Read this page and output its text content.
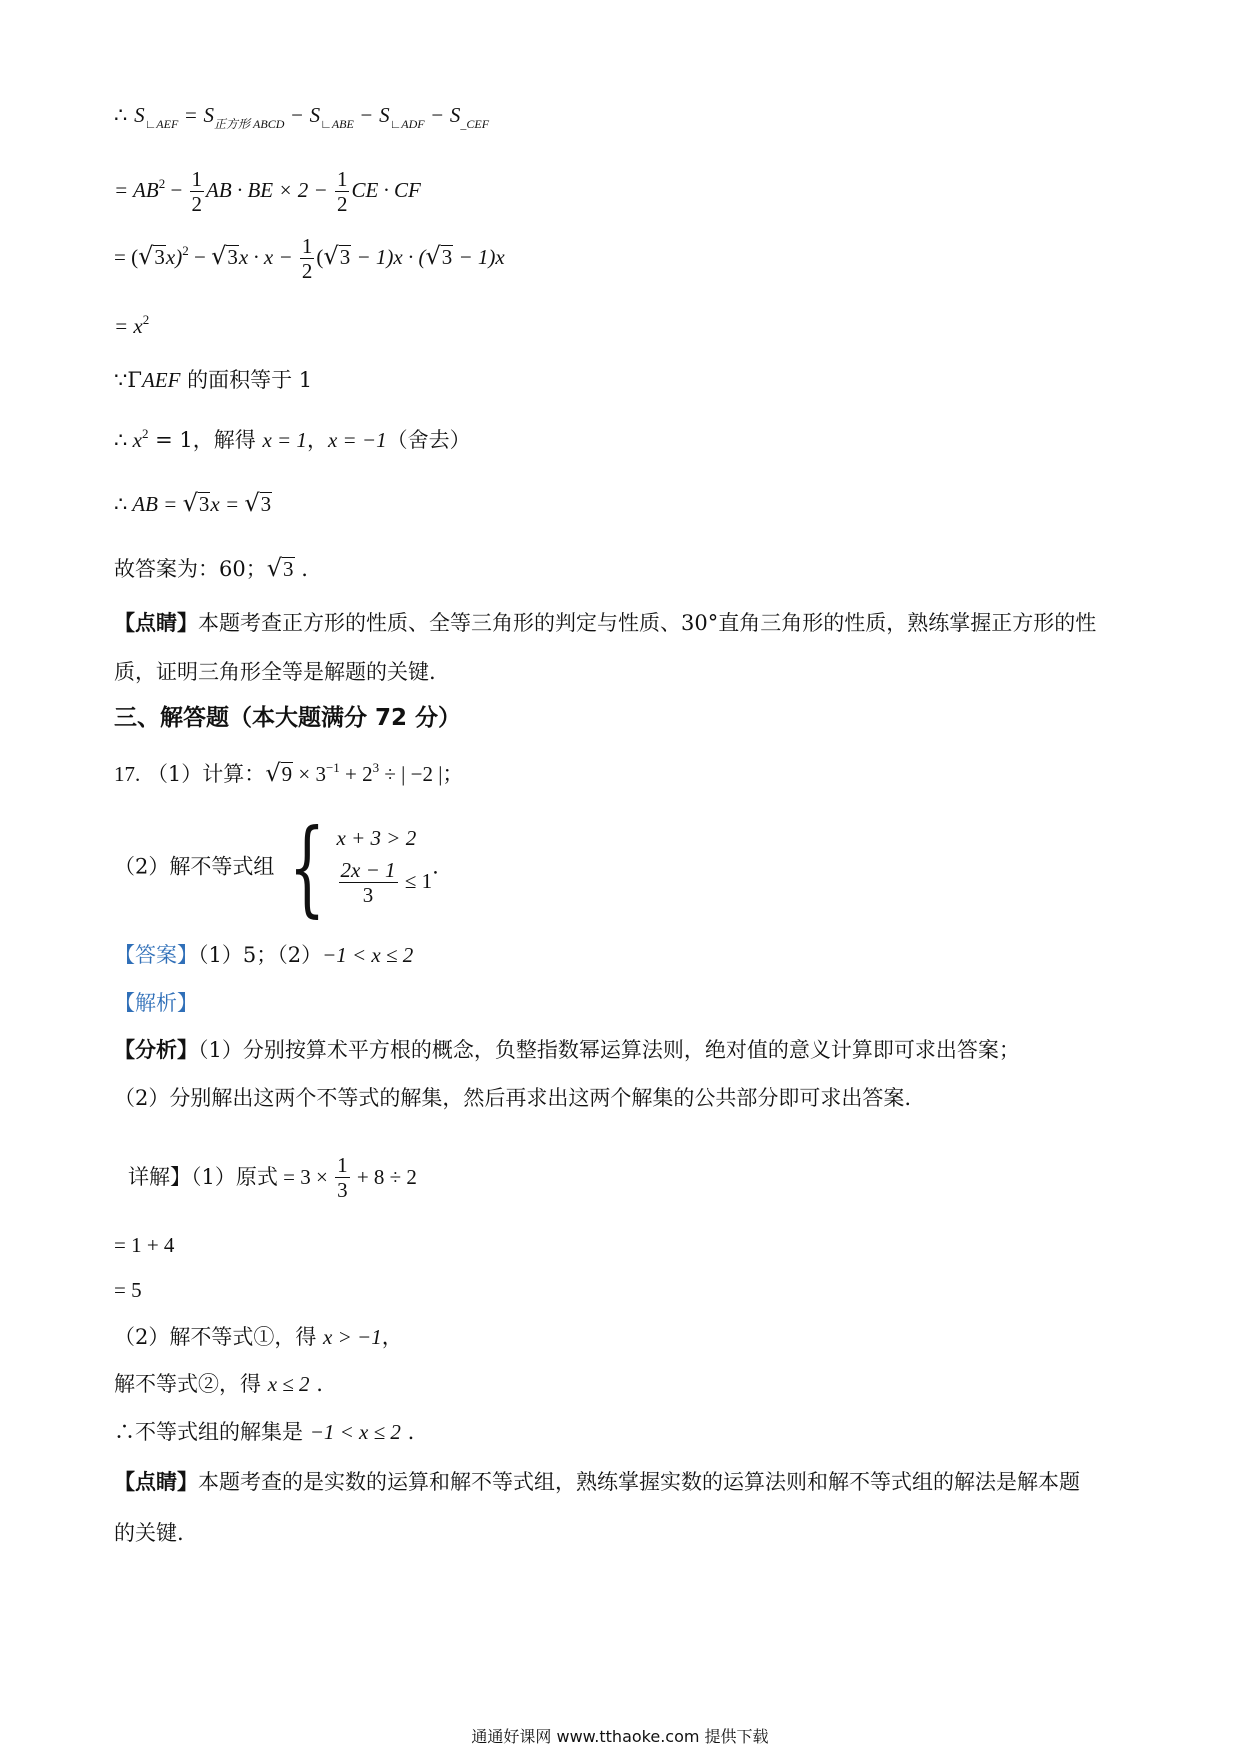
∴ $S_{∟AEF} = S_{正方形 ABCD} - S_{∟ABE} - S_{∟ADF} - S_{\_CEF}$
= $AB^2 - \frac{1}{2}$ AB · BE × $2 - \frac{1}{2}$ CE · CF
= ( √ 3 x)$^2$ − √ 3 $x \cdot x - \frac{1}{2}$ ( √ 3 − 1)x · ( √ 3 − 1)x
= $x^2$
∵ΓAEF 的面积等于 1
∴ $x^2 = 1$，解得 x = 1，x = −1（舍去）
∴ AB = √ 3 x = √ 3
故答案为：60； √ 3 .
【点睛】本题考查正方形的性质、全等三角形的判定与性质、30°直角三角形的性质，熟练掌握正方形的性
质，证明三角形全等是解题的关键.
三、解答题（本大题满分 72 分）
17. （1）计算： √ $9 \times 3^{-1} + 2^3$ ÷ | −2 |；
（2）解不等式组 { x + 3 > 2
$\frac{2x - 1}{3} \le 1$
.
【答案】（1）5；（2）−1 < x ≤ 2
【解析】
【分析】（1）分别按算术平方根的概念，负整指数幂运算法则，绝对值的意义计算即可求出答案；
（2）分别解出这两个不等式的解集，然后再求出这两个解集的公共部分即可求出答案.
详解】（1）原式 = $3 \times \frac{1}{3} + 8 \div 2$
= 1 + 4
= 5
（2）解不等式①，得 x > −1，
解不等式②，得 x ≤ 2 .
∴不等式组的解集是 −1 < x ≤ 2 .
【点睛】本题考查的是实数的运算和解不等式组，熟练掌握实数的运算法则和解不等式组的解法是解本题
的关键.
通通好课网 www.tthaoke.com 提供下载
